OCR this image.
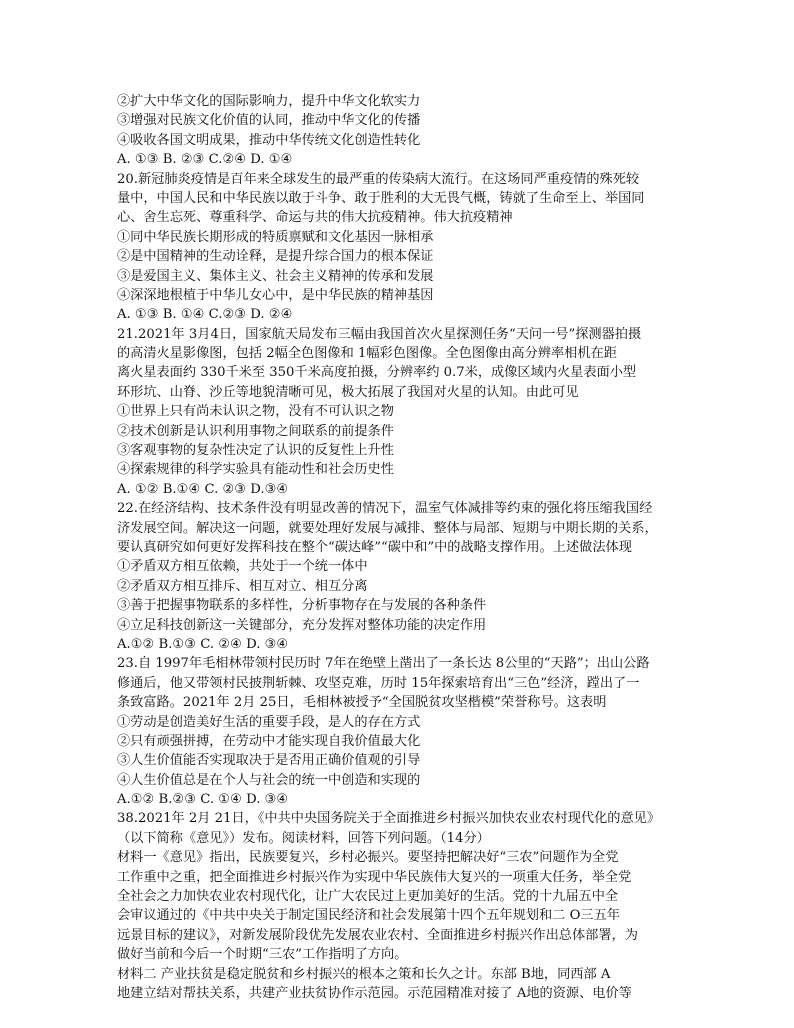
②扩大中华文化的国际影响力，提升中华文化软实力
③增强对民族文化价值的认同，推动中华文化的传播
④吸收各国文明成果，推动中华传统文化创造性转化
A. ①③ B. ②③ C.②④ D. ①④
20.新冠肺炎疫情是百年来全球发生的最严重的传染病大流行。在这场同严重疫情的殊死较
量中，中国人民和中华民族以敢于斗争、敢于胜利的大无畏气概，铸就了生命至上、举国同
心、舍生忘死、尊重科学、命运与共的伟大抗疫精神。伟大抗疫精神
①同中华民族长期形成的特质禀赋和文化基因一脉相承
②是中国精神的生动诠释，是提升综合国力的根本保证
③是爱国主义、集体主义、社会主义精神的传承和发展
④深深地根植于中华儿女心中，是中华民族的精神基因
A. ①③ B. ①④ C.②③ D. ②④
21.2021年 3月4日，国家航天局发布三幅由我国首次火星探测任务“天问一号”探测器拍摄
的高清火星影像图，包括 2幅全色图像和 1幅彩色图像。全色图像由高分辨率相机在距
离火星表面约 330千米至 350千米高度拍摄，分辨率约 0.7米，成像区域内火星表面小型
环形坑、山脊、沙丘等地貌清晰可见，极大拓展了我国对火星的认知。由此可见
①世界上只有尚未认识之物，没有不可认识之物
②技术创新是认识利用事物之间联系的前提条件
③客观事物的复杂性决定了认识的反复性上升性
④探索规律的科学实验具有能动性和社会历史性
A. ①② B.①④ C. ②③ D.③④
22.在经济结构、技术条件没有明显改善的情况下，温室气体减排等约束的强化将压缩我国经
济发展空间。解决这一问题，就要处理好发展与减排、整体与局部、短期与中期长期的关系，
要认真研究如何更好发挥科技在整个“碳达峰”“碳中和”中的战略支撑作用。上述做法体现
①矛盾双方相互依赖，共处于一个统一体中
②矛盾双方相互排斥、相互对立、相互分离
③善于把握事物联系的多样性，分析事物存在与发展的各种条件
④立足科技创新这一关键部分，充分发挥对整体功能的决定作用
A.①② B.①③ C. ②④ D. ③④
23.自 1997年毛相林带领村民历时 7年在绝壁上凿出了一条长达 8公里的“天路”；出山公路
修通后，他又带领村民披荆斩棘、攻坚克难，历时 15年探索培育出“三色”经济，蹚出了一
条致富路。2021年 2月 25日，毛相林被授予“全国脱贫攻坚楷模”荣誉称号。这表明
①劳动是创造美好生活的重要手段，是人的存在方式
②只有顽强拼搏，在劳动中才能实现自我价值最大化
③人生价值能否实现取决于是否用正确价值观的引导
④人生价值总是在个人与社会的统一中创造和实现的
A.①② B.②③ C. ①④ D. ③④
38.2021年 2月 21日，《中共中央国务院关于全面推进乡村振兴加快农业农村现代化的意见》
（以下简称《意见》）发布。阅读材料，回答下列问题。（14分）
材料一《意见》指出，民族要复兴，乡村必振兴。要坚持把解决好“三农”问题作为全党
工作重中之重，把全面推进乡村振兴作为实现中华民族伟大复兴的一项重大任务，举全党
全社会之力加快农业农村现代化，让广大农民过上更加美好的生活。党的十九届五中全
会审议通过的《中共中央关于制定国民经济和社会发展第十四个五年规划和二 O三五年
远景目标的建议》，对新发展阶段优先发展农业农村、全面推进乡村振兴作出总体部署，为
做好当前和今后一个时期“三农”工作指明了方向。
材料二 产业扶贫是稳定脱贫和乡村振兴的根本之策和长久之计。东部 B地，同西部 A
地建立结对帮扶关系，共建产业扶贫协作示范园。示范园精准对接了 A地的资源、电价等
